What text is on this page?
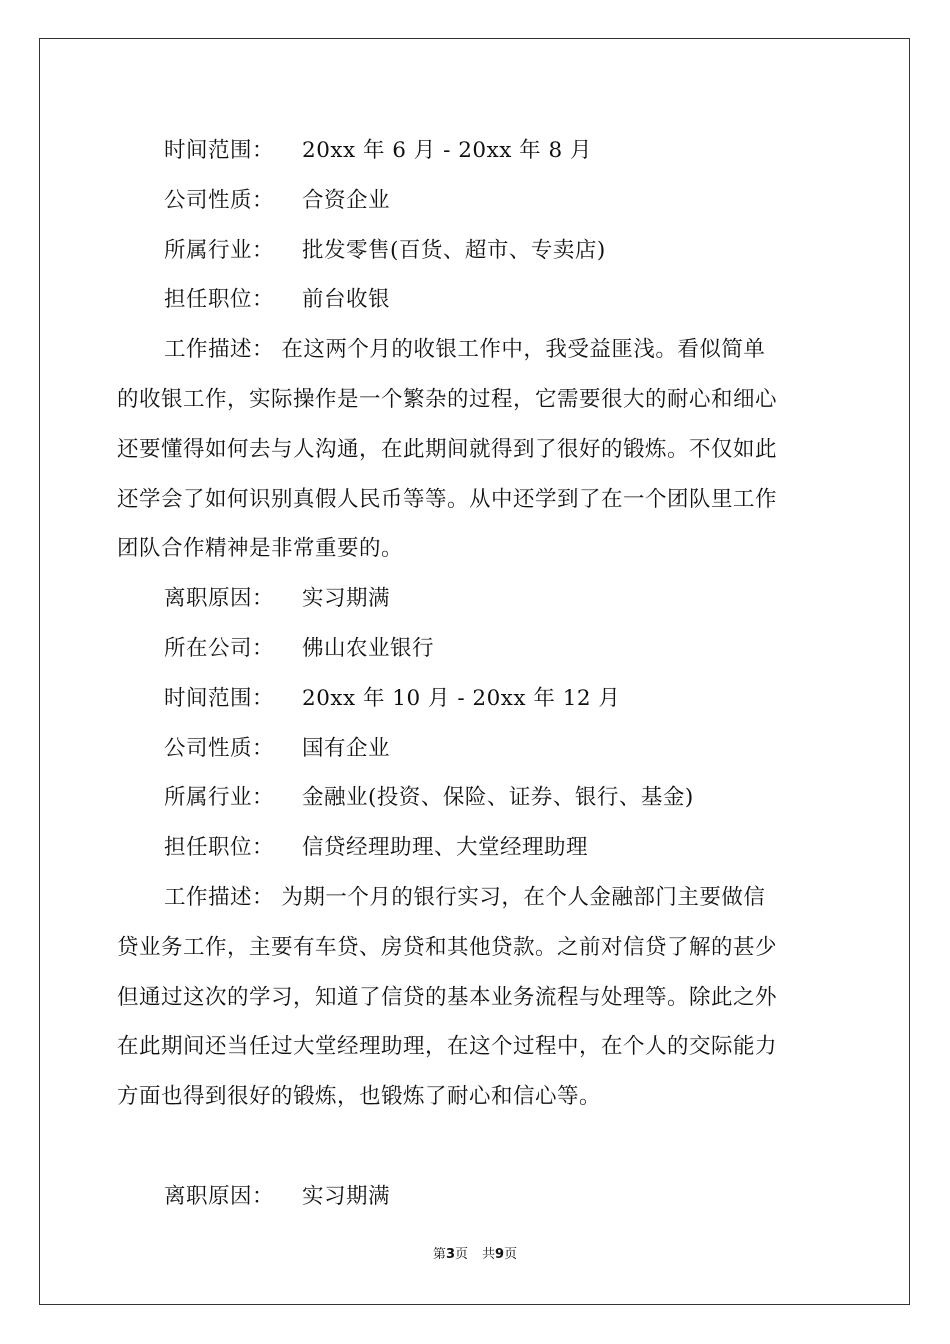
时间范围： 20xx 年 6 月 - 20xx 年 8 月
公司性质： 合资企业
所属行业： 批发零售(百货、超市、专卖店)
担任职位： 前台收银
工作描述： 在这两个月的收银工作中，我受益匪浅。看似简单
的收银工作，实际操作是一个繁杂的过程，它需要很大的耐心和细心
还要懂得如何去与人沟通，在此期间就得到了很好的锻炼。不仅如此
还学会了如何识别真假人民币等等。从中还学到了在一个团队里工作
团队合作精神是非常重要的。
离职原因： 实习期满
所在公司： 佛山农业银行
时间范围： 20xx 年 10 月 - 20xx 年 12 月
公司性质： 国有企业
所属行业： 金融业(投资、保险、证券、银行、基金)
担任职位： 信贷经理助理、大堂经理助理
工作描述： 为期一个月的银行实习，在个人金融部门主要做信
贷业务工作，主要有车贷、房贷和其他贷款。之前对信贷了解的甚少
但通过这次的学习，知道了信贷的基本业务流程与处理等。除此之外
在此期间还当任过大堂经理助理，在这个过程中，在个人的交际能力
方面也得到很好的锻炼，也锻炼了耐心和信心等。
离职原因： 实习期满
第3页 共9页
